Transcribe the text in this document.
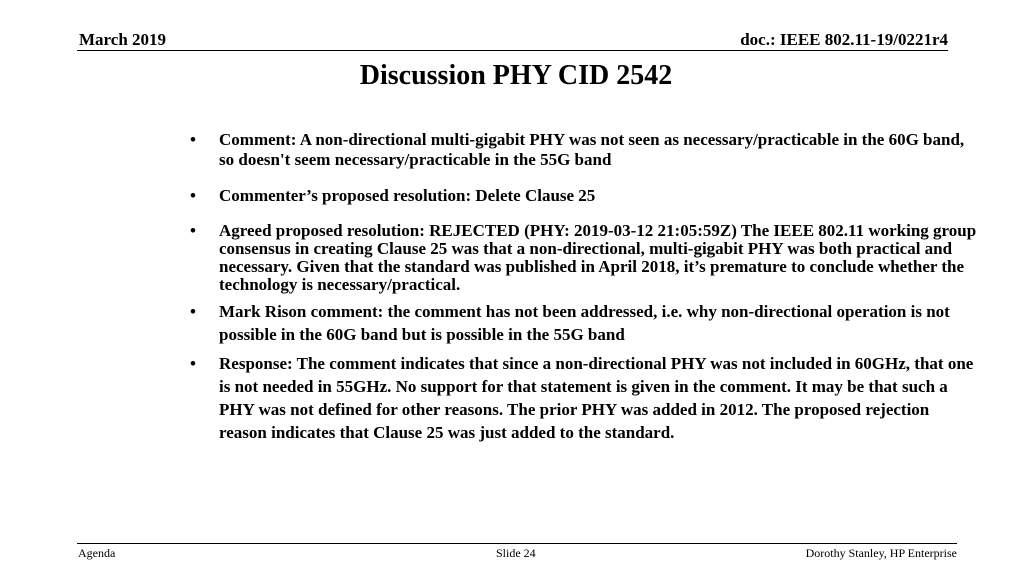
March 2019	doc.: IEEE 802.11-19/0221r4
Discussion PHY CID 2542
• Comment: A non-directional multi-gigabit PHY was not seen as necessary/practicable in the 60G band, so doesn't seem necessary/practicable in the 55G band
• Commenter’s proposed resolution: Delete Clause 25
• Agreed proposed resolution: REJECTED (PHY: 2019-03-12 21:05:59Z) The IEEE 802.11 working group consensus in creating Clause 25 was that a non-directional, multi-gigabit PHY was both practical and necessary. Given that the standard was published in April 2018, it’s premature to conclude whether the technology is necessary/practical.
• Mark Rison comment: the comment has not been addressed, i.e. why non-directional operation is not possible in the 60G band but is possible in the 55G band
• Response: The comment indicates that since a non-directional PHY was not included in 60GHz, that one is not needed in 55GHz. No support for that statement is given in the comment. It may be that such a PHY was not defined for other reasons. The prior PHY was added in 2012. The proposed rejection reason indicates that Clause 25 was just added to the standard.
Agenda	Slide 24	Dorothy Stanley, HP Enterprise
